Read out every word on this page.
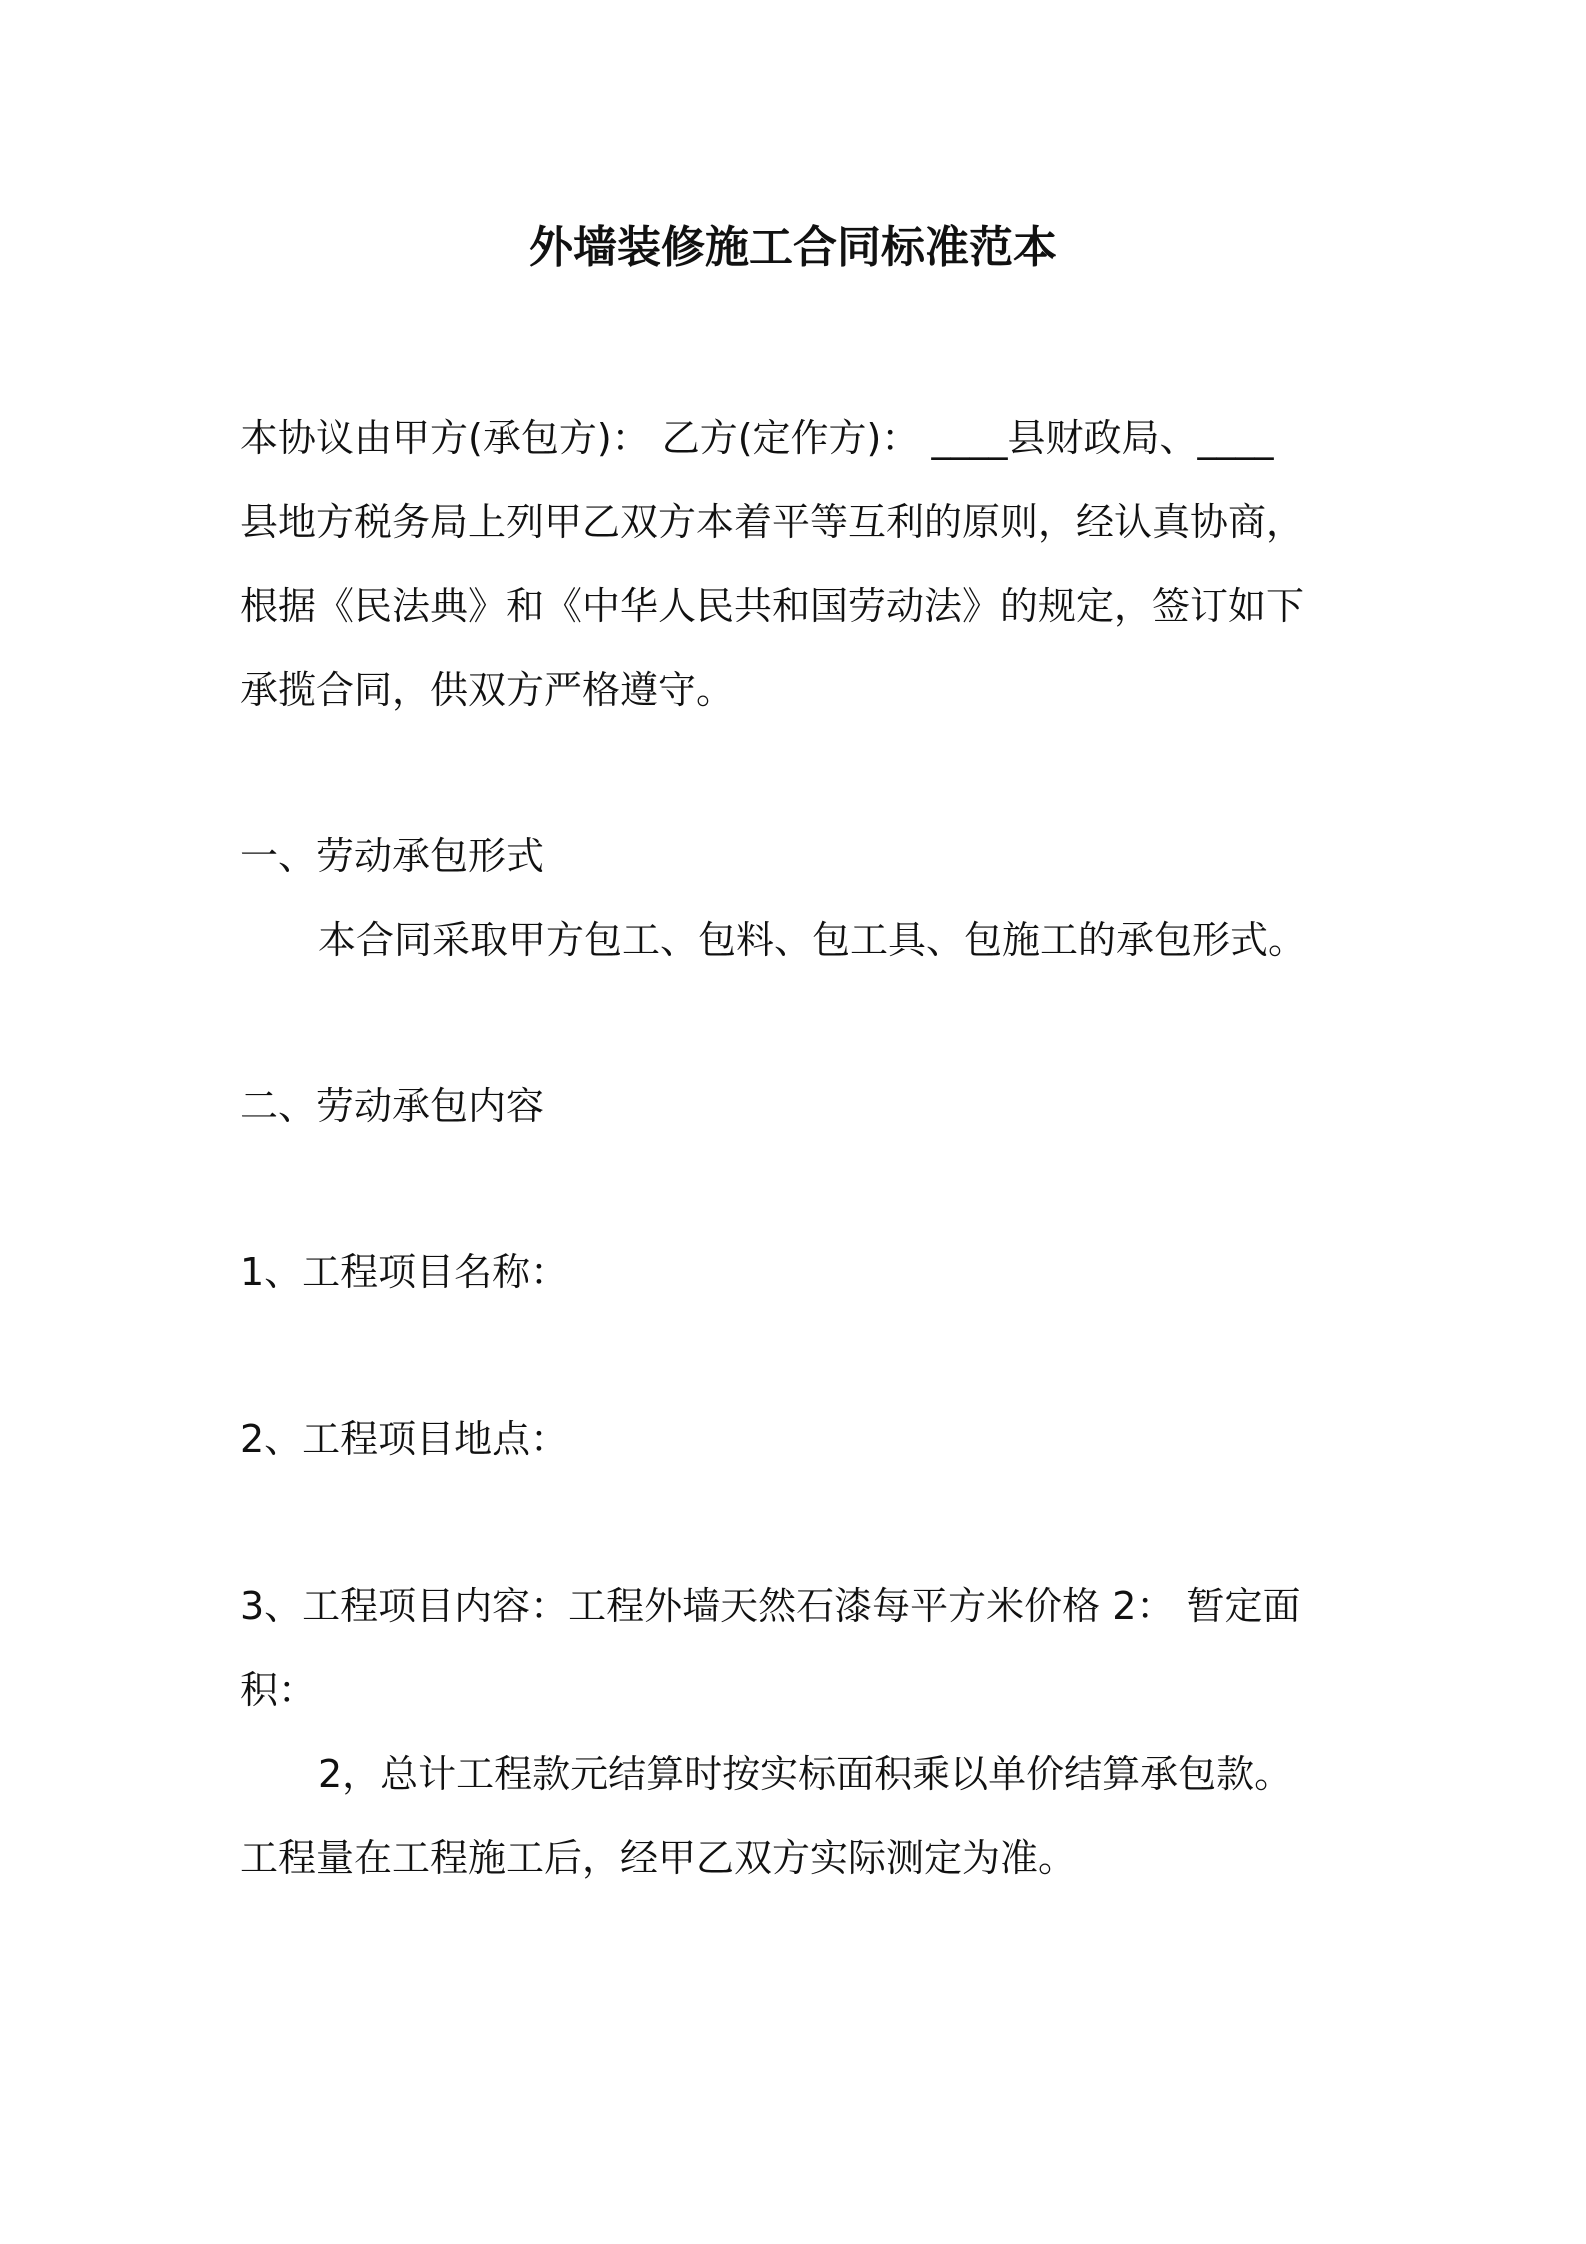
外墙装修施工合同标准范本
本协议由甲方(承包方)： 乙方(定作方)： ____县财政局、____
县地方税务局上列甲乙双方本着平等互利的原则，经认真协商，
根据《民法典》和《中华人民共和国劳动法》的规定，签订如下
承揽合同，供双方严格遵守。
一、劳动承包形式
本合同采取甲方包工、包料、包工具、包施工的承包形式。
二、劳动承包内容
1、工程项目名称：
2、工程项目地点：
3、工程项目内容：工程外墙天然石漆每平方米价格 2： 暂定面
积：
2，总计工程款元结算时按实标面积乘以单价结算承包款。
工程量在工程施工后，经甲乙双方实际测定为准。
